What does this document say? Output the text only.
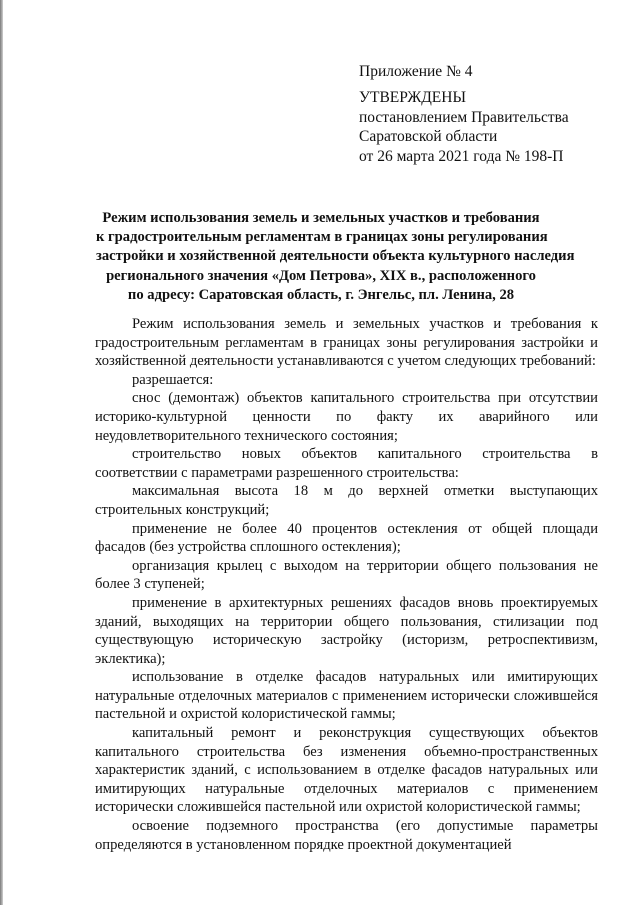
Приложение № 4
УТВЕРЖДЕНЫ
постановлением Правительства
Саратовской области
от 26 марта 2021 года № 198-П
Режим использования земель и земельных участков и требования
к градостроительным регламентам в границах зоны регулирования
застройки и хозяйственной деятельности объекта культурного наследия
регионального значения «Дом Петрова», XIX в., расположенного
по адресу: Саратовская область, г. Энгельс, пл. Ленина, 28

Режим использования земель и земельных участков и требования к градостроительным регламентам в границах зоны регулирования застройки и хозяйственной деятельности устанавливаются с учетом следующих требований:

разрешается:

снос (демонтаж) объектов капитального строительства при отсутствии историко-культурной ценности по факту их аварийного или неудовлетворительного технического состояния;

строительство новых объектов капитального строительства в соответствии с параметрами разрешенного строительства:

максимальная высота 18 м до верхней отметки выступающих строительных конструкций;

применение не более 40 процентов остекления от общей площади фасадов (без устройства сплошного остекления);

организация крылец с выходом на территории общего пользования не более 3 ступеней;

применение в архитектурных решениях фасадов вновь проектируемых зданий, выходящих на территории общего пользования, стилизации под существующую историческую застройку (историзм, ретроспективизм, эклектика);

использование в отделке фасадов натуральных или имитирующих натуральные отделочных материалов с применением исторически сложившейся пастельной и охристой колористической гаммы;

капитальный ремонт и реконструкция существующих объектов капитального строительства без изменения объемно-пространственных характеристик зданий, с использованием в отделке фасадов натуральных или имитирующих натуральные отделочных материалов с применением исторически сложившейся пастельной или охристой колористической гаммы;

освоение подземного пространства (его допустимые параметры определяются в установленном порядке проектной документацией
